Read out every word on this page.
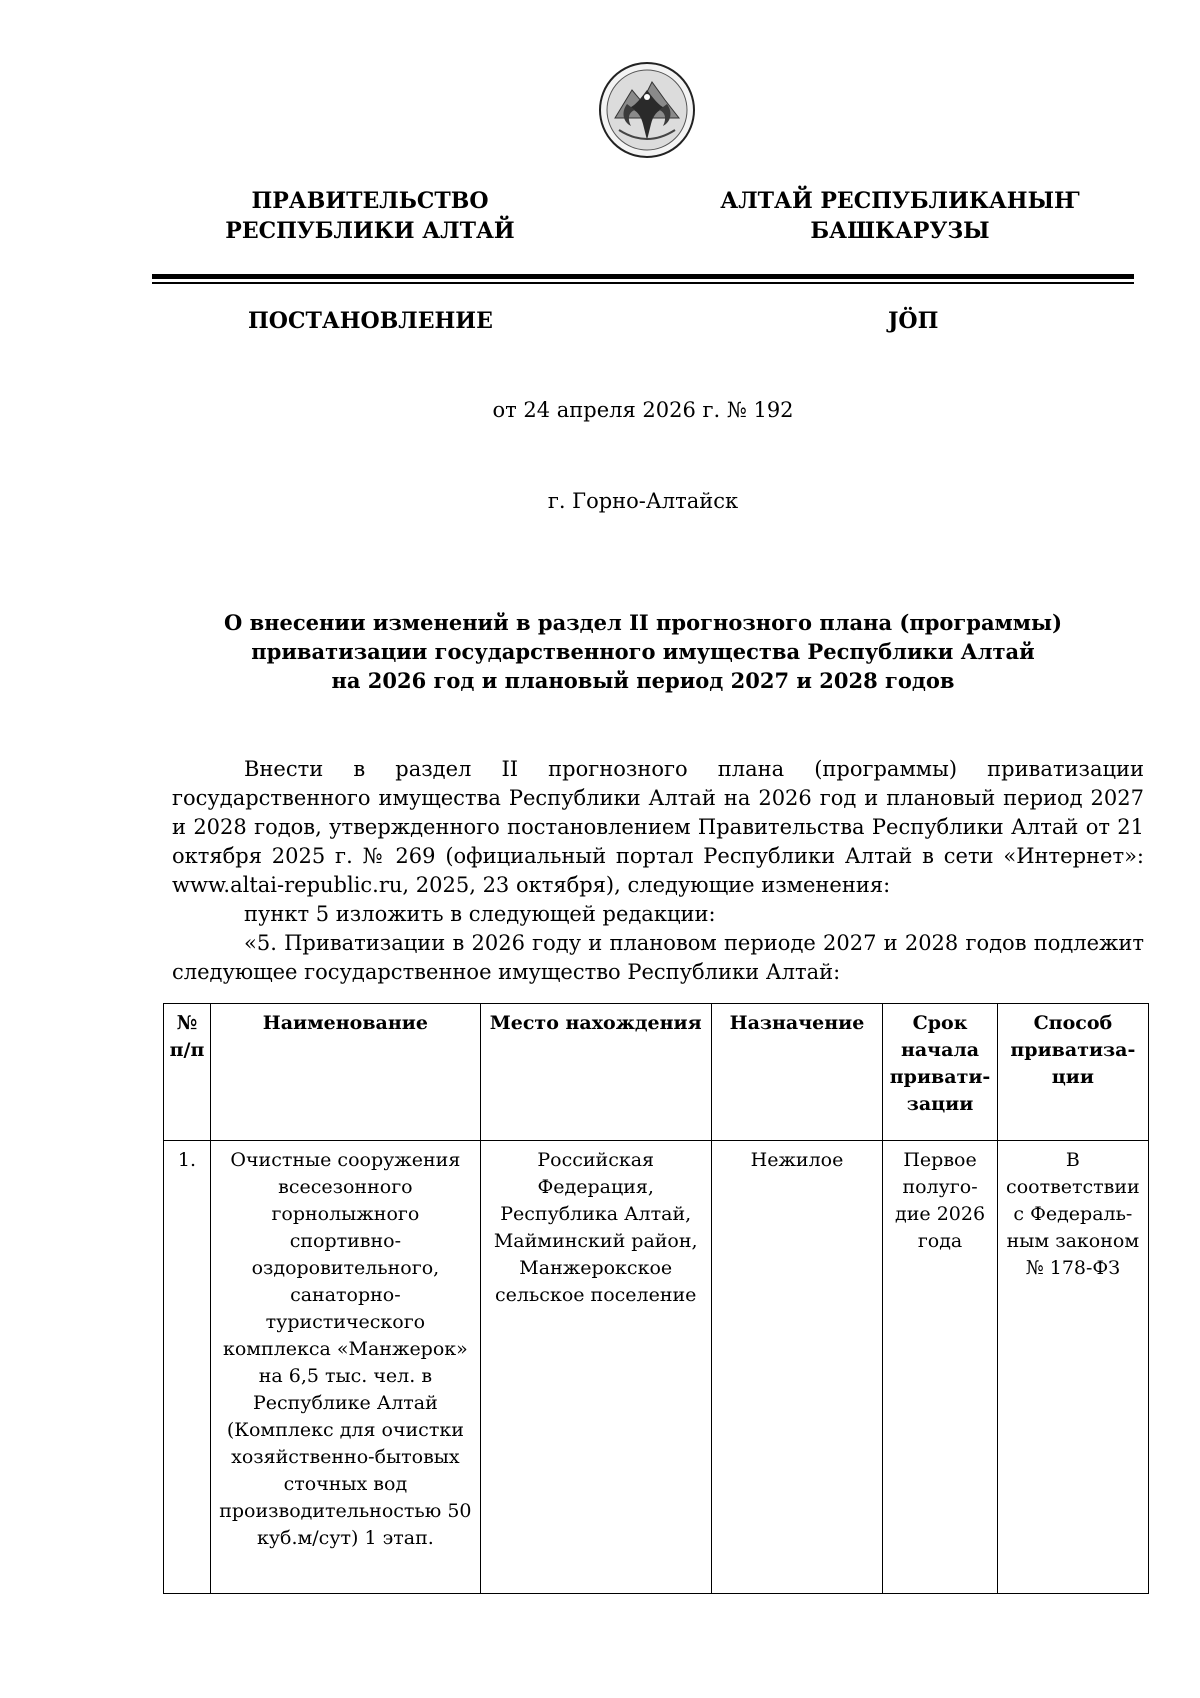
ПРАВИТЕЛЬСТВО
РЕСПУБЛИКИ АЛТАЙ
АЛТАЙ РЕСПУБЛИКАНЫҤ
БАШКАРУЗЫ
ПОСТАНОВЛЕНИЕ	JÖП
от 24 апреля 2026 г. № 192
г. Горно-Алтайск
О внесении изменений в раздел II прогнозного плана (программы)
приватизации государственного имущества Республики Алтай
на 2026 год и плановый период 2027 и 2028 годов

Внести в раздел II прогнозного плана (программы) приватизации государственного имущества Республики Алтай на 2026 год и плановый период 2027 и 2028 годов, утвержденного постановлением Правительства Республики Алтай от 21 октября 2025 г. № 269 (официальный портал Республики Алтай в сети «Интернет»: www.altai-republic.ru, 2025, 23 октября), следующие изменения:

пункт 5 изложить в следующей редакции:

«5. Приватизации в 2026 году и плановом периоде 2027 и 2028 годов подлежит следующее государственное имущество Республики Алтай:

№ п/п	Наименование	Место нахождения	Назначение	Срок начала привати-зации	Способ приватиза-ции
1.	Очистные сооружения всесезонного горнолыжного спортивно-оздоровительного, санаторно-туристического комплекса «Манжерок» на 6,5 тыс. чел. в Республике Алтай (Комплекс для очистки хозяйственно-бытовых сточных вод производительностью 50 куб.м/сут) 1 этап.	Российская Федерация, Республика Алтай, Майминский район, Манжерокское сельское поселение	Нежилое	Первое полуго-дие 2026 года	В соответствии с Федераль-ным законом № 178-ФЗ
